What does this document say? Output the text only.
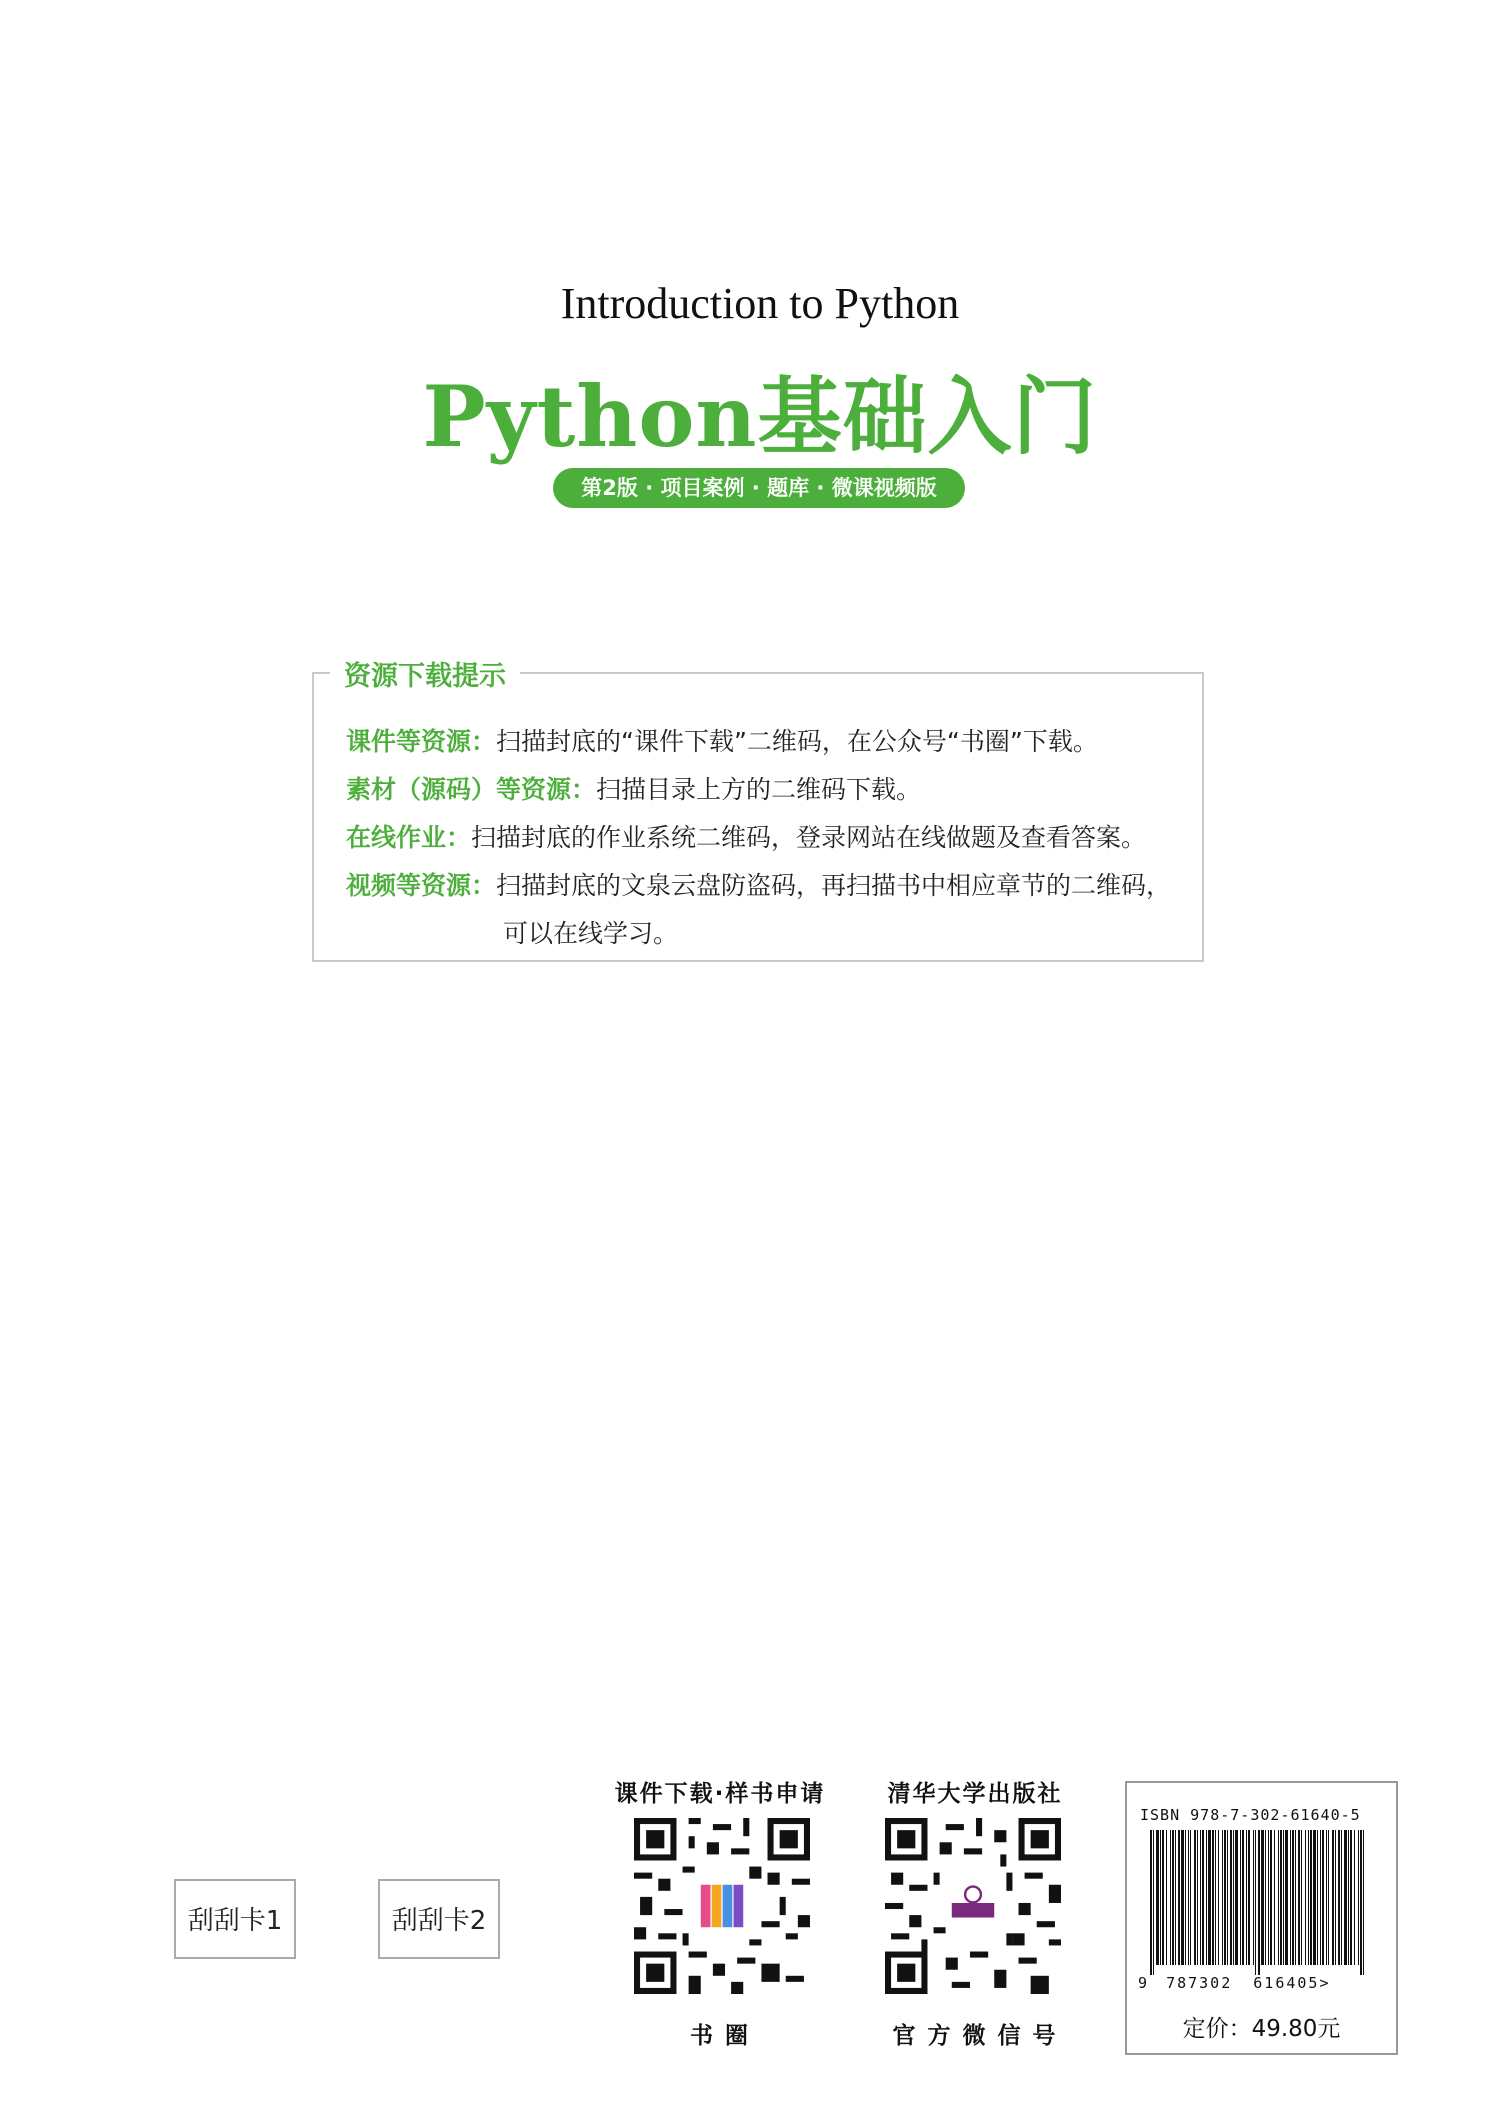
Introduction to Python
Python基础入门
第2版 · 项目案例 · 题库 · 微课视频版
资源下载提示
课件等资源：扫描封底的“课件下载”二维码，在公众号“书圈”下载。
素材（源码）等资源：扫描目录上方的二维码下载。
在线作业：扫描封底的作业系统二维码，登录网站在线做题及查看答案。
视频等资源：扫描封底的文泉云盘防盗码，再扫描书中相应章节的二维码，
可以在线学习。
刮刮卡1	刮刮卡2
课件下载·样书申请
书 圈
清华大学出版社
官 方 微 信 号
ISBN 978-7-302-61640-5
9 787302 616405>
定价：49.80元
